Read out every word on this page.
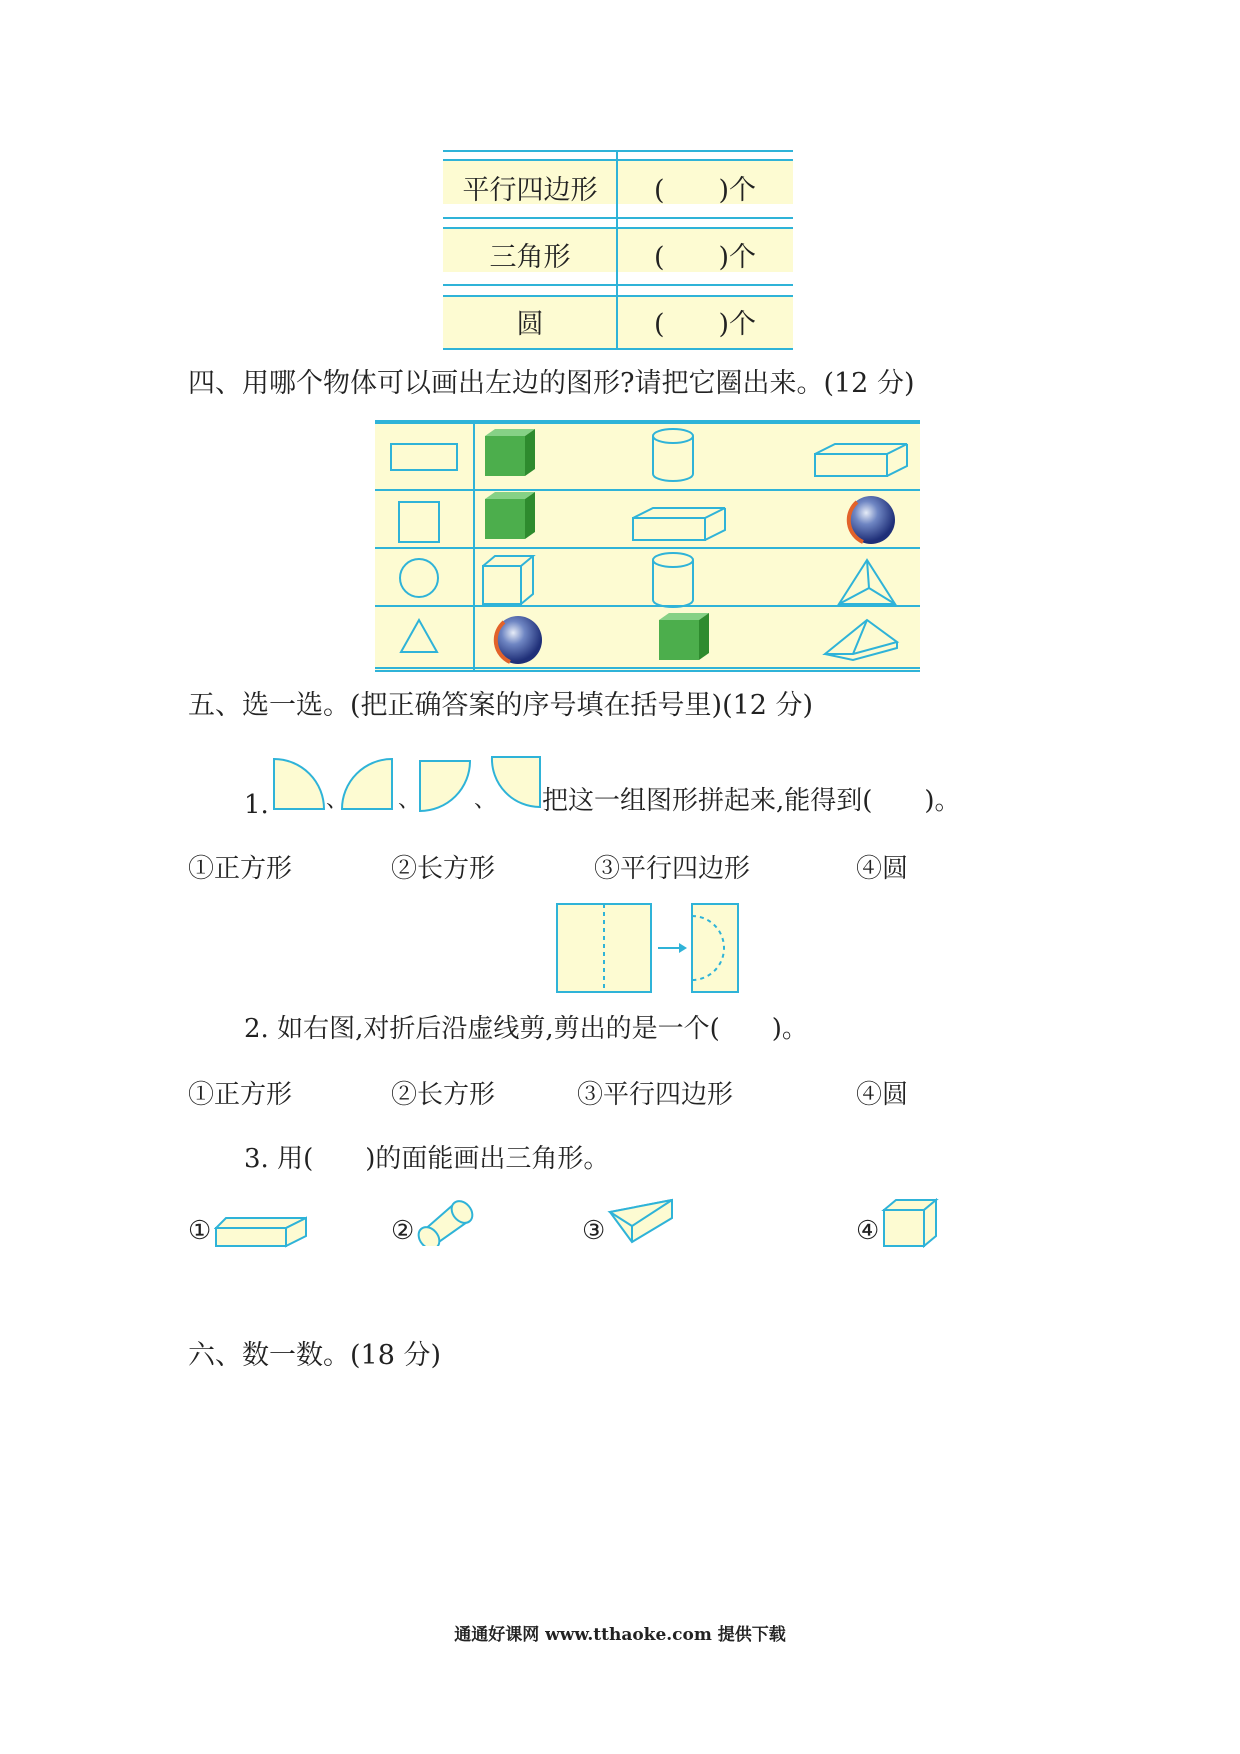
平行四边形	(　　)个
三角形	(　　)个
圆	(　　)个
四、用哪个物体可以画出左边的图形?请把它圈出来。(12 分)
五、选一选。(把正确答案的序号填在括号里)(12 分)
1.	、 、 、 把这一组图形拼起来,能得到(　　)。
①正方形	②长方形	③平行四边形	④圆
2. 如右图,对折后沿虚线剪,剪出的是一个(　　)。
①正方形	②长方形	③平行四边形	④圆
3. 用(　　)的面能画出三角形。
①	②	③	④
六、数一数。(18 分)
通通好课网 www.tthaoke.com 提供下载
